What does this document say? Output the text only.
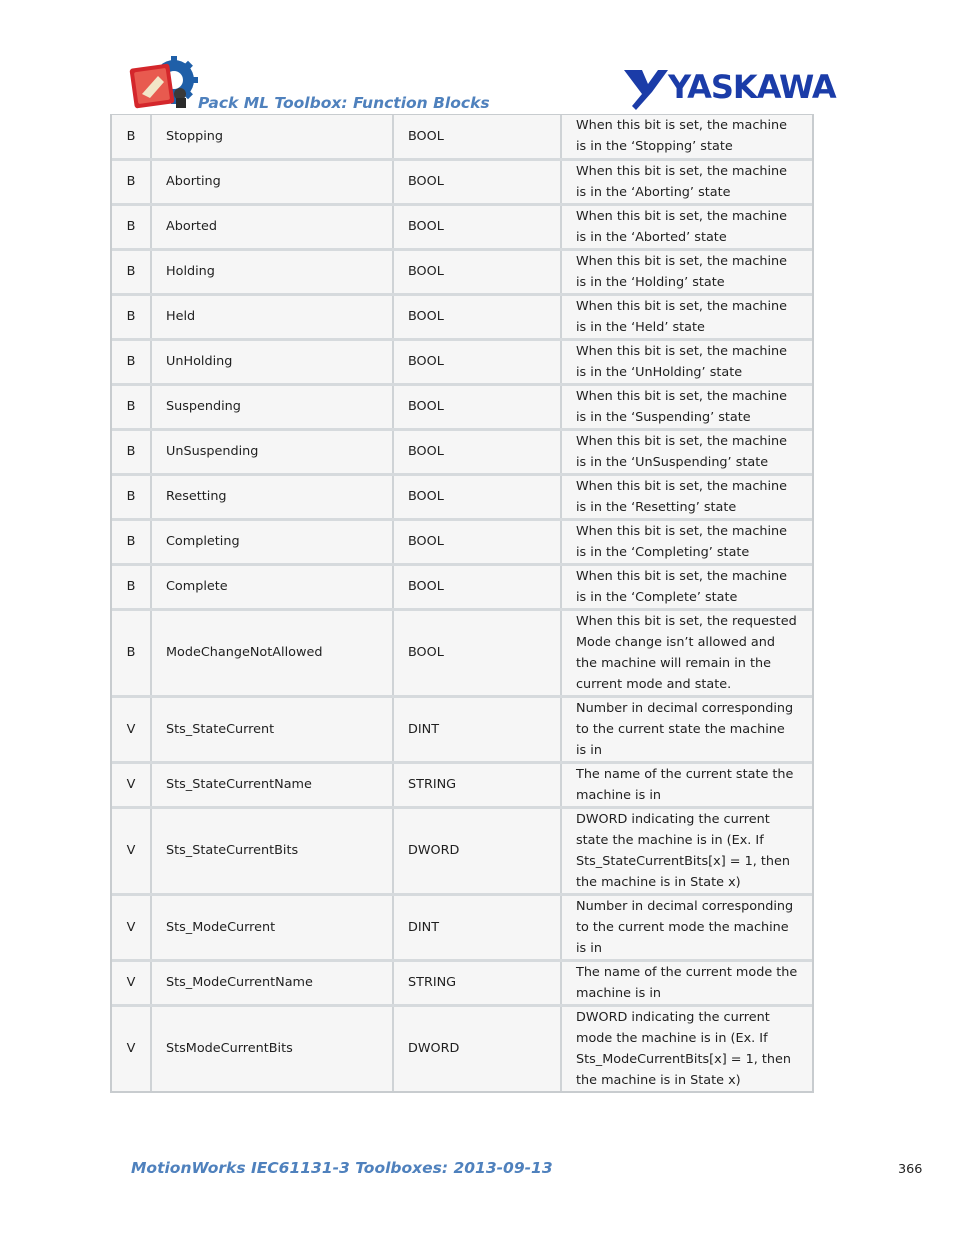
Pack ML Toolbox: Function Blocks	YASKAWA
B	Stopping	BOOL	When this bit is set, the machine is in the ‘Stopping’ state
B	Aborting	BOOL	When this bit is set, the machine is in the ‘Aborting’ state
B	Aborted	BOOL	When this bit is set, the machine is in the ‘Aborted’ state
B	Holding	BOOL	When this bit is set, the machine is in the ‘Holding’ state
B	Held	BOOL	When this bit is set, the machine is in the ‘Held’ state
B	UnHolding	BOOL	When this bit is set, the machine is in the ‘UnHolding’ state
B	Suspending	BOOL	When this bit is set, the machine is in the ‘Suspending’ state
B	UnSuspending	BOOL	When this bit is set, the machine is in the ‘UnSuspending’ state
B	Resetting	BOOL	When this bit is set, the machine is in the ‘Resetting’ state
B	Completing	BOOL	When this bit is set, the machine is in the ‘Completing’ state
B	Complete	BOOL	When this bit is set, the machine is in the ‘Complete’ state
B	ModeChangeNotAllowed	BOOL	When this bit is set, the requested Mode change isn’t allowed and the machine will remain in the current mode and state.
V	Sts_StateCurrent	DINT	Number in decimal corresponding to the current state the machine is in
V	Sts_StateCurrentName	STRING	The name of the current state the machine is in
V	Sts_StateCurrentBits	DWORD	DWORD indicating the current state the machine is in (Ex. If Sts_StateCurrentBits[x] = 1, then the machine is in State x)
V	Sts_ModeCurrent	DINT	Number in decimal corresponding to the current mode the machine is in
V	Sts_ModeCurrentName	STRING	The name of the current mode the machine is in
V	StsModeCurrentBits	DWORD	DWORD indicating the current mode the machine is in (Ex. If Sts_ModeCurrentBits[x] = 1, then the machine is in State x)
MotionWorks IEC61131-3 Toolboxes: 2013-09-13	366
